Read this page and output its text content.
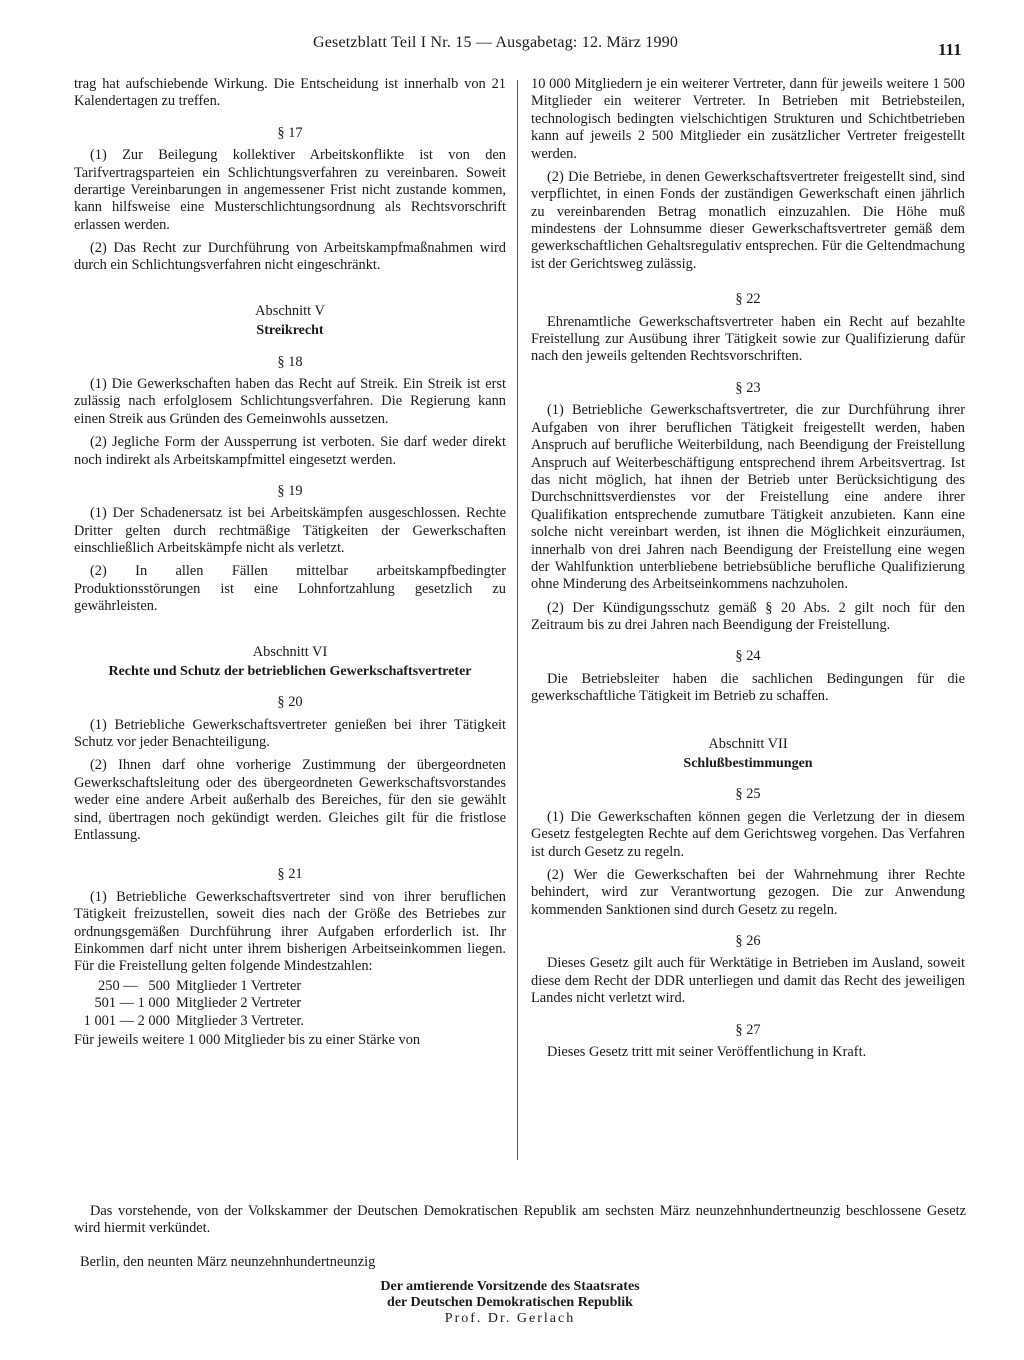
Gesetzblatt Teil I Nr. 15 — Ausgabetag: 12. März 1990	111

trag hat aufschiebende Wirkung. Die Entscheidung ist innerhalb von 21 Kalendertagen zu treffen.

§ 17

(1) Zur Beilegung kollektiver Arbeitskonflikte ist von den Tarifvertragsparteien ein Schlichtungsverfahren zu vereinbaren. Soweit derartige Vereinbarungen in angemessener Frist nicht zustande kommen, kann hilfsweise eine Musterschlichtungsordnung als Rechtsvorschrift erlassen werden.

(2) Das Recht zur Durchführung von Arbeitskampfmaßnahmen wird durch ein Schlichtungsverfahren nicht eingeschränkt.

Abschnitt V
Streikrecht
§ 18

(1) Die Gewerkschaften haben das Recht auf Streik. Ein Streik ist erst zulässig nach erfolglosem Schlichtungsverfahren. Die Regierung kann einen Streik aus Gründen des Gemeinwohls aussetzen.

(2) Jegliche Form der Aussperrung ist verboten. Sie darf weder direkt noch indirekt als Arbeitskampfmittel eingesetzt werden.

§ 19

(1) Der Schadenersatz ist bei Arbeitskämpfen ausgeschlossen. Rechte Dritter gelten durch rechtmäßige Tätigkeiten der Gewerkschaften einschließlich Arbeitskämpfe nicht als verletzt.

(2) In allen Fällen mittelbar arbeitskampfbedingter Produktionsstörungen ist eine Lohnfortzahlung gesetzlich zu gewährleisten.

Abschnitt VI
Rechte und Schutz der betrieblichen Gewerkschaftsvertreter
§ 20

(1) Betriebliche Gewerkschaftsvertreter genießen bei ihrer Tätigkeit Schutz vor jeder Benachteiligung.

(2) Ihnen darf ohne vorherige Zustimmung der übergeordneten Gewerkschaftsleitung oder des übergeordneten Gewerkschaftsvorstandes weder eine andere Arbeit außerhalb des Bereiches, für den sie gewählt sind, übertragen noch gekündigt werden. Gleiches gilt für die fristlose Entlassung.

§ 21

(1) Betriebliche Gewerkschaftsvertreter sind von ihrer beruflichen Tätigkeit freizustellen, soweit dies nach der Größe des Betriebes zur ordnungsgemäßen Durchführung ihrer Aufgaben erforderlich ist. Ihr Einkommen darf nicht unter ihrem bisherigen Arbeitseinkommen liegen. Für die Freistellung gelten folgende Mindestzahlen:

250 —   500 Mitglieder 1 Vertreter
501 — 1 000 Mitglieder 2 Vertreter
1 001 — 2 000 Mitglieder 3 Vertreter.

Für jeweils weitere 1 000 Mitglieder bis zu einer Stärke von

10 000 Mitgliedern je ein weiterer Vertreter, dann für jeweils weitere 1 500 Mitglieder ein weiterer Vertreter. In Betrieben mit Betriebsteilen, technologisch bedingten vielschichtigen Strukturen und Schichtbetrieben kann auf jeweils 2 500 Mitglieder ein zusätzlicher Vertreter freigestellt werden.

(2) Die Betriebe, in denen Gewerkschaftsvertreter freigestellt sind, sind verpflichtet, in einen Fonds der zuständigen Gewerkschaft einen jährlich zu vereinbarenden Betrag monatlich einzuzahlen. Die Höhe muß mindestens der Lohnsumme dieser Gewerkschaftsvertreter gemäß dem gewerkschaftlichen Gehaltsregulativ entsprechen. Für die Geltendmachung ist der Gerichtsweg zulässig.

§ 22

Ehrenamtliche Gewerkschaftsvertreter haben ein Recht auf bezahlte Freistellung zur Ausübung ihrer Tätigkeit sowie zur Qualifizierung dafür nach den jeweils geltenden Rechtsvorschriften.

§ 23

(1) Betriebliche Gewerkschaftsvertreter, die zur Durchführung ihrer Aufgaben von ihrer beruflichen Tätigkeit freigestellt werden, haben Anspruch auf berufliche Weiterbildung, nach Beendigung der Freistellung Anspruch auf Weiterbeschäftigung entsprechend ihrem Arbeitsvertrag. Ist das nicht möglich, hat ihnen der Betrieb unter Berücksichtigung des Durchschnittsverdienstes vor der Freistellung eine andere ihrer Qualifikation entsprechende zumutbare Tätigkeit anzubieten. Kann eine solche nicht vereinbart werden, ist ihnen die Möglichkeit einzuräumen, innerhalb von drei Jahren nach Beendigung der Freistellung eine wegen der Wahlfunktion unterbliebene betriebsübliche berufliche Qualifizierung ohne Minderung des Arbeitseinkommens nachzuholen.

(2) Der Kündigungsschutz gemäß § 20 Abs. 2 gilt noch für den Zeitraum bis zu drei Jahren nach Beendigung der Freistellung.

§ 24

Die Betriebsleiter haben die sachlichen Bedingungen für die gewerkschaftliche Tätigkeit im Betrieb zu schaffen.

Abschnitt VII
Schlußbestimmungen
§ 25

(1) Die Gewerkschaften können gegen die Verletzung der in diesem Gesetz festgelegten Rechte auf dem Gerichtsweg vorgehen. Das Verfahren ist durch Gesetz zu regeln.

(2) Wer die Gewerkschaften bei der Wahrnehmung ihrer Rechte behindert, wird zur Verantwortung gezogen. Die zur Anwendung kommenden Sanktionen sind durch Gesetz zu regeln.

§ 26

Dieses Gesetz gilt auch für Werktätige in Betrieben im Ausland, soweit diese dem Recht der DDR unterliegen und damit das Recht des jeweiligen Landes nicht verletzt wird.

§ 27

Dieses Gesetz tritt mit seiner Veröffentlichung in Kraft.

Das vorstehende, von der Volkskammer der Deutschen Demokratischen Republik am sechsten März neunzehnhundertneunzig beschlossene Gesetz wird hiermit verkündet.

Berlin, den neunten März neunzehnhundertneunzig

Der amtierende Vorsitzende des Staatsrates
der Deutschen Demokratischen Republik
Prof. Dr. Gerlach
